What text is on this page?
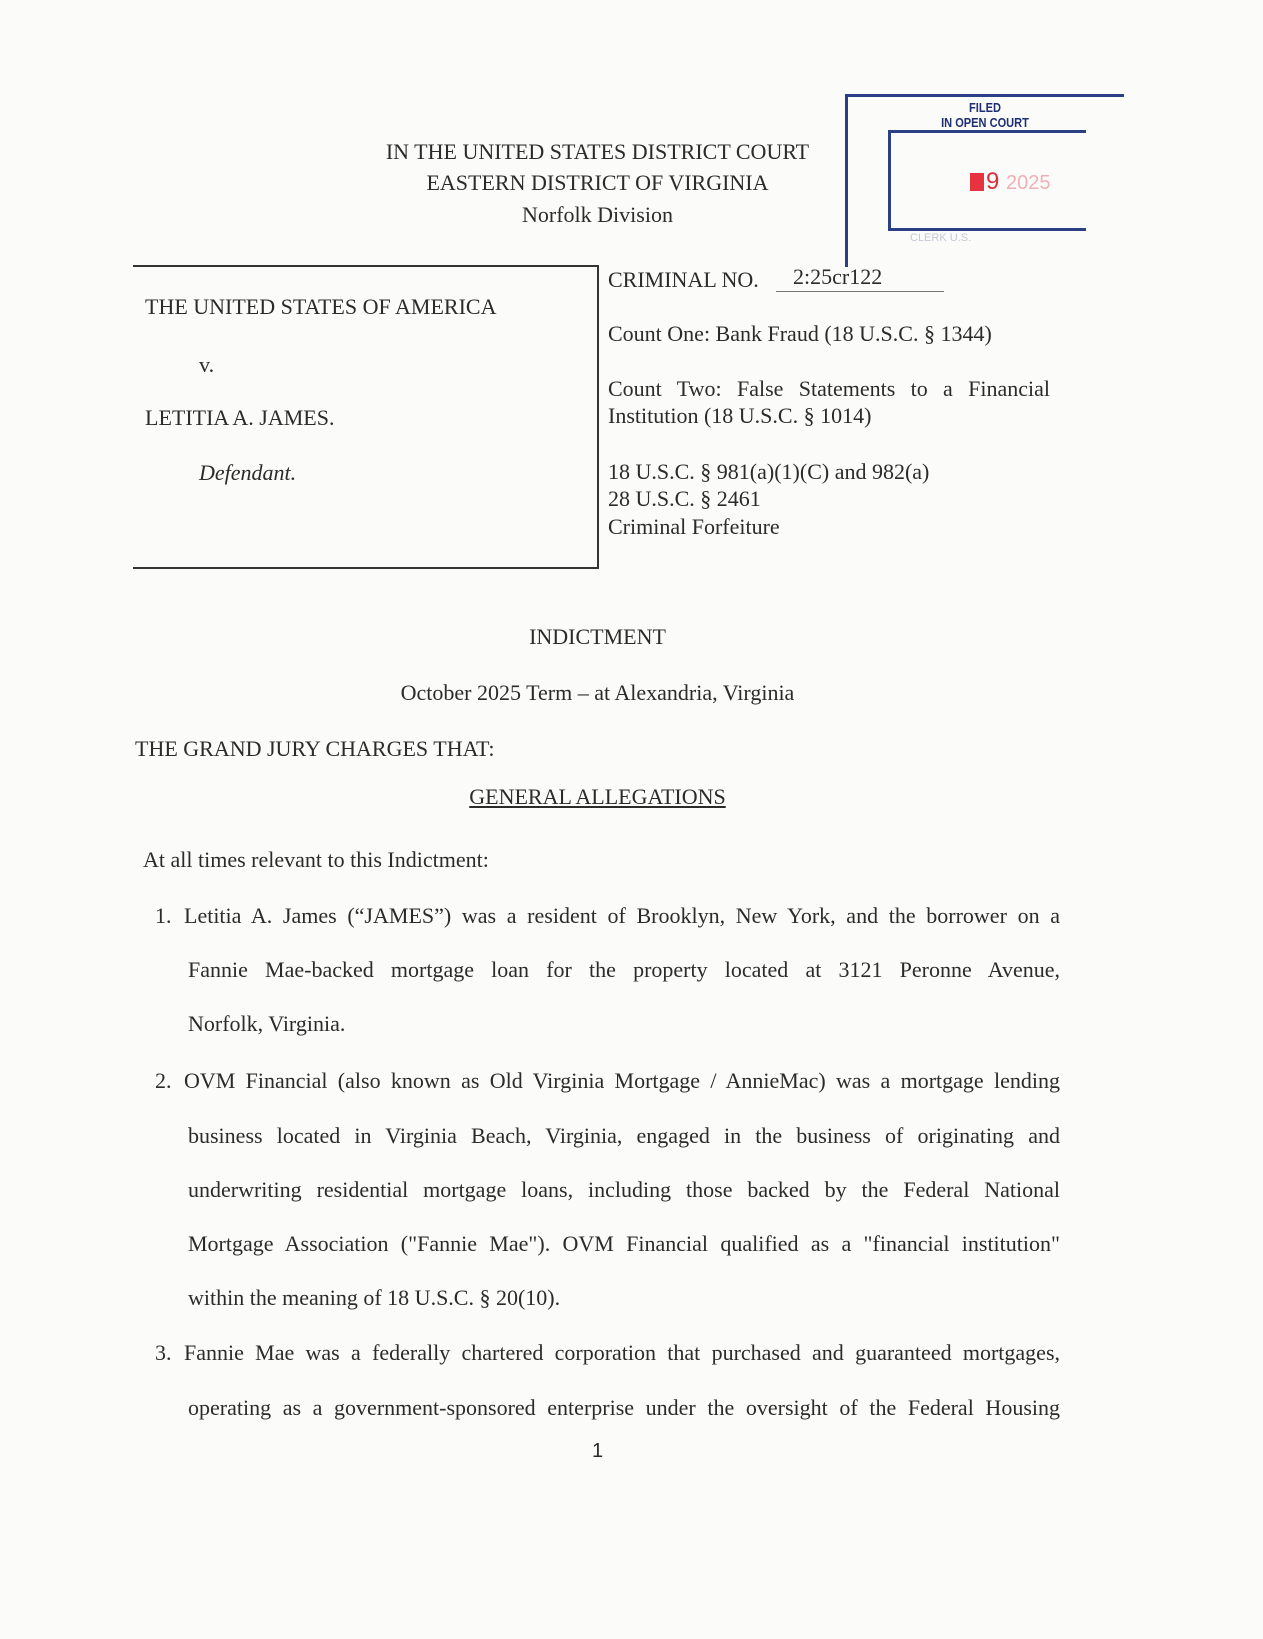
FILED
IN OPEN COURT
9 2025
CLERK U.S.
IN THE UNITED STATES DISTRICT COURT
EASTERN DISTRICT OF VIRGINIA
Norfolk Division
THE UNITED STATES OF AMERICA
v.
LETITIA A. JAMES.
Defendant.
CRIMINAL NO. 2:25cr122
Count One: Bank Fraud (18 U.S.C. § 1344)
Count Two: False Statements to a Financial
Institution (18 U.S.C. § 1014)
18 U.S.C. § 981(a)(1)(C) and 982(a)
28 U.S.C. § 2461
Criminal Forfeiture
INDICTMENT
October 2025 Term – at Alexandria, Virginia
THE GRAND JURY CHARGES THAT:
GENERAL ALLEGATIONS
At all times relevant to this Indictment:
1. Letitia A. James (“JAMES”) was a resident of Brooklyn, New York, and the borrower on a
Fannie Mae-backed mortgage loan for the property located at 3121 Peronne Avenue,
Norfolk, Virginia.
2. OVM Financial (also known as Old Virginia Mortgage / AnnieMac) was a mortgage lending
business located in Virginia Beach, Virginia, engaged in the business of originating and
underwriting residential mortgage loans, including those backed by the Federal National
Mortgage Association ("Fannie Mae"). OVM Financial qualified as a "financial institution"
within the meaning of 18 U.S.C. § 20(10).
3. Fannie Mae was a federally chartered corporation that purchased and guaranteed mortgages,
operating as a government-sponsored enterprise under the oversight of the Federal Housing
1
